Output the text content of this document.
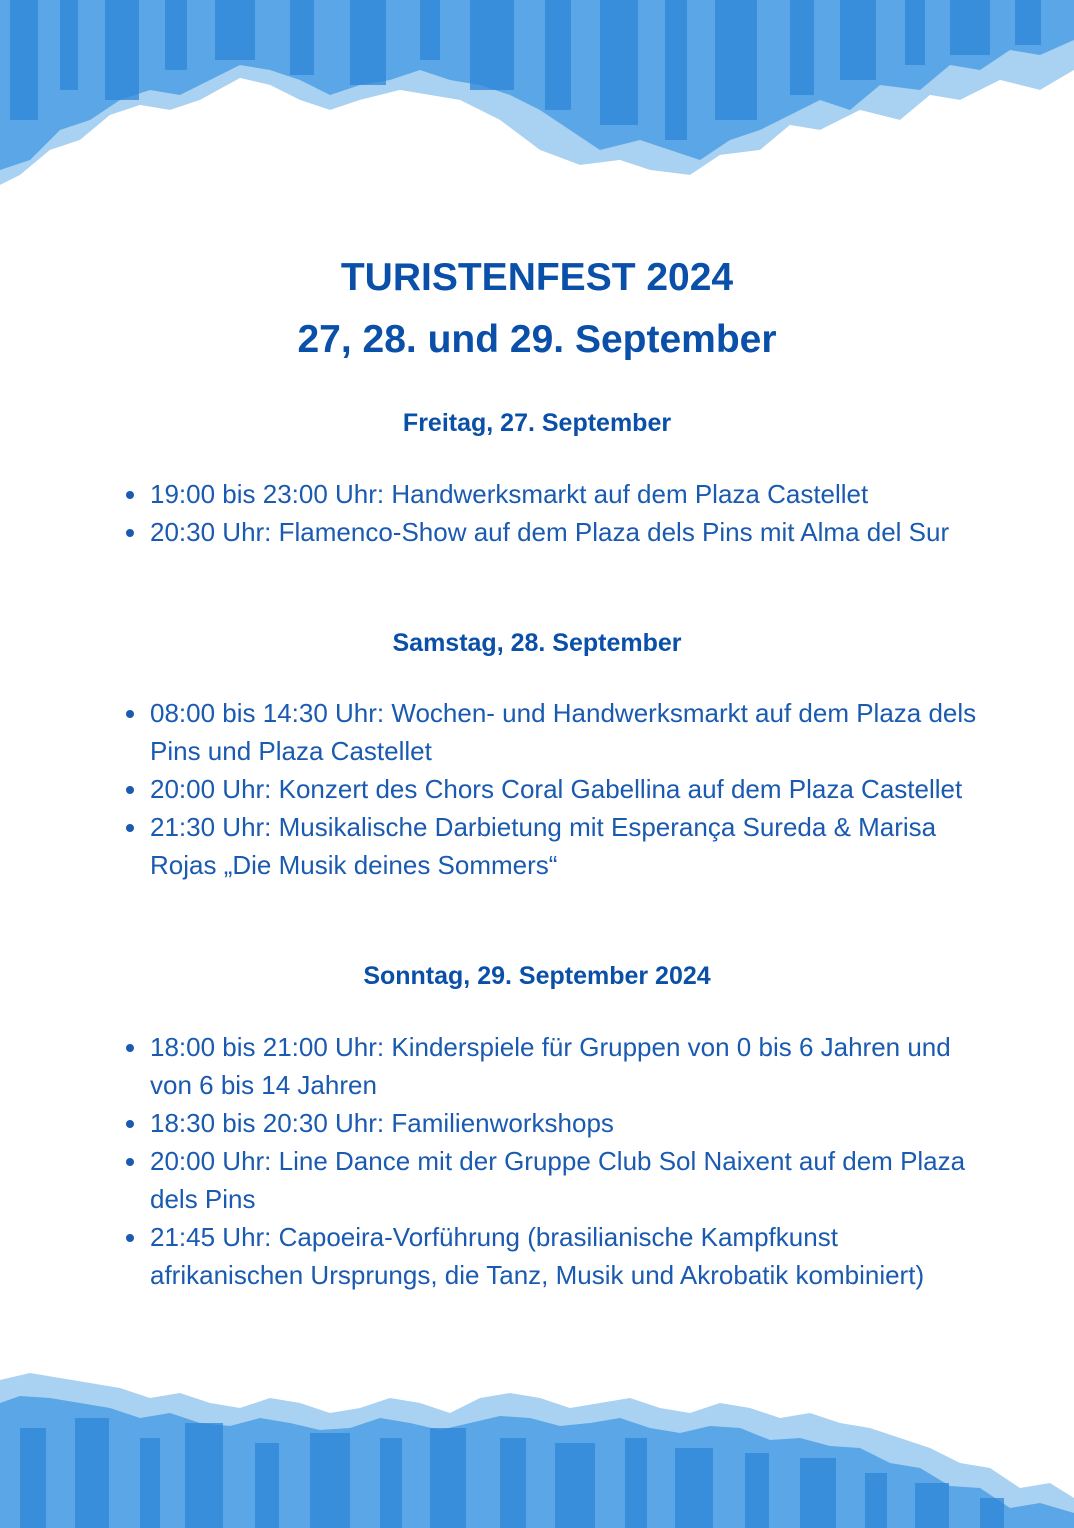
TURISTENFEST 2024
27, 28. und 29. September
Freitag, 27. September
19:00 bis 23:00 Uhr: Handwerksmarkt auf dem Plaza Castellet
20:30 Uhr: Flamenco-Show auf dem Plaza dels Pins mit Alma del Sur
Samstag, 28. September
08:00 bis 14:30 Uhr: Wochen- und Handwerksmarkt auf dem Plaza dels Pins und Plaza Castellet
20:00 Uhr: Konzert des Chors Coral Gabellina auf dem Plaza Castellet
21:30 Uhr: Musikalische Darbietung mit Esperança Sureda & Marisa Rojas „Die Musik deines Sommers“
Sonntag, 29. September 2024
18:00 bis 21:00 Uhr: Kinderspiele für Gruppen von 0 bis 6 Jahren und von 6 bis 14 Jahren
18:30 bis 20:30 Uhr: Familienworkshops
20:00 Uhr: Line Dance mit der Gruppe Club Sol Naixent auf dem Plaza dels Pins
21:45 Uhr: Capoeira-Vorführung (brasilianische Kampfkunst afrikanischen Ursprungs, die Tanz, Musik und Akrobatik kombiniert)
